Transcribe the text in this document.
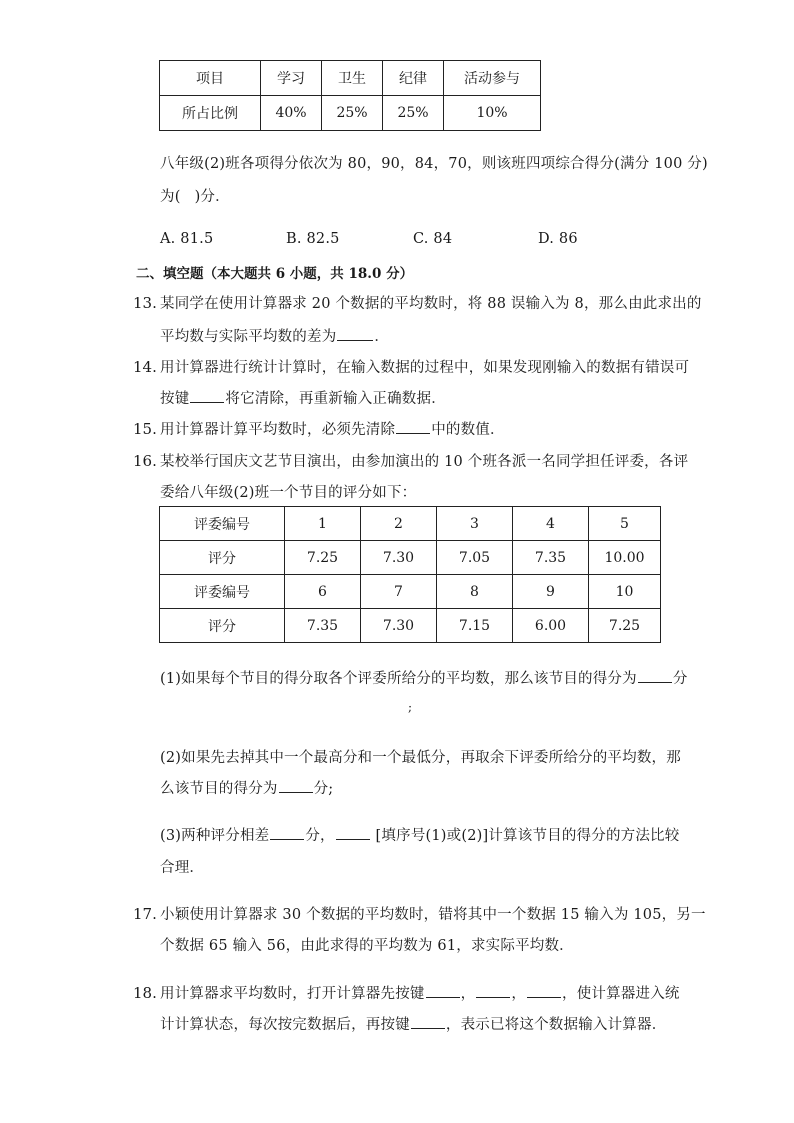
项目	学习	卫生	纪律	活动参与
所占比例	40%	25%	25%	10%
八年级(2)班各项得分依次为 80，90，84，70，则该班四项综合得分(满分 100 分)
为( )分．
A. 81.5	B. 82.5	C. 84	D. 86
二、填空题（本大题共 6 小题，共 18.0 分）
13. 某同学在使用计算器求 20 个数据的平均数时，将 88 误输入为 8，那么由此求出的
平均数与实际平均数的差为	．
14. 用计算器进行统计计算时，在输入数据的过程中，如果发现刚输入的数据有错误可
按键 将它清除，再重新输入正确数据．
15. 用计算器计算平均数时，必须先清除 中的数值．
16. 某校举行国庆文艺节目演出，由参加演出的 10 个班各派一名同学担任评委，各评
委给八年级(2)班一个节目的评分如下：
评委编号	1	2	3	4	5
评分	7.25	7.30	7.05	7.35	10.00
评委编号	6	7	8	9	10
评分	7.35	7.30	7.15	6.00	7.25
(1)如果每个节目的得分取各个评委所给分的平均数，那么该节目的得分为 分
;
(2)如果先去掉其中一个最高分和一个最低分，再取余下评委所给分的平均数，那
么该节目的得分为 分;
(3)两种评分相差 分， [填序号(1)或(2)]计算该节目的得分的方法比较
合理．
17. 小颖使用计算器求 30 个数据的平均数时，错将其中一个数据 15 输入为 105，另一
个数据 65 输入 56，由此求得的平均数为 61，求实际平均数．
18. 用计算器求平均数时，打开计算器先按键 ， ， ，使计算器进入统
计计算状态，每次按完数据后，再按键 ，表示已将这个数据输入计算器．
